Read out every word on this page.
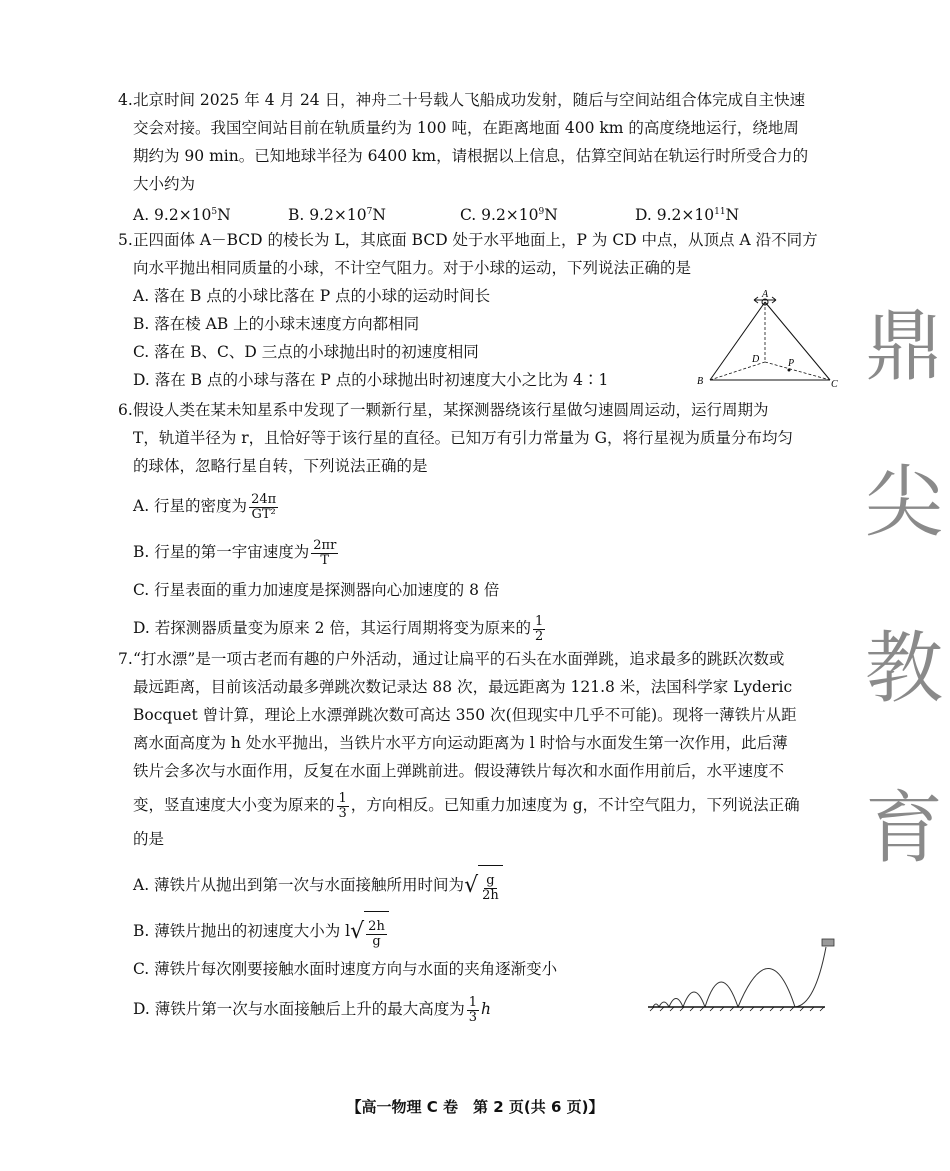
4.北京时间 2025 年 4 月 24 日，神舟二十号载人飞船成功发射，随后与空间站组合体完成自主快速

交会对接。我国空间站目前在轨质量约为 100 吨，在距离地面 400 km 的高度绕地运行，绕地周

期约为 90 min。已知地球半径为 6400 km，请根据以上信息，估算空间站在轨运行时所受合力的

大小约为

A. $9.2\times 10^5N$	B. $9.2\times 10^7N$	C. $9.2\times 10^9N$	D. $9.2\times 10^{11}N$

5.正四面体 A－BCD 的棱长为 L，其底面 BCD 处于水平地面上，P 为 CD 中点，从顶点 A 沿不同方

向水平抛出相同质量的小球，不计空气阻力。对于小球的运动，下列说法正确的是

A. 落在 B 点的小球比落在 P 点的小球的运动时间长

B. 落在棱 AB 上的小球末速度方向都相同

C. 落在 B、C、D 三点的小球抛出时的初速度相同

D. 落在 B 点的小球与落在 P 点的小球抛出时初速度大小之比为 4∶1

A
B	C
D	P

6.假设人类在某未知星系中发现了一颗新行星，某探测器绕该行星做匀速圆周运动，运行周期为

T，轨道半径为 r，且恰好等于该行星的直径。已知万有引力常量为 G，将行星视为质量分布均匀

的球体，忽略行星自转，下列说法正确的是

A. 行星的密度为 $\frac{24\pi}{\text{GT²}}$

B. 行星的第一宇宙速度为 $\frac{2\pi r}{T}$

C. 行星表面的重力加速度是探测器向心加速度的 8 倍

D. 若探测器质量变为原来 2 倍，其运行周期将变为原来的 $\frac{1}{2}$

7.“打水漂”是一项古老而有趣的户外活动，通过让扁平的石头在水面弹跳，追求最多的跳跃次数或

最远距离，目前该活动最多弹跳次数记录达 88 次，最远距离为 121.8 米，法国科学家 Lyderic

Bocquet 曾计算，理论上水漂弹跳次数可高达 350 次(但现实中几乎不可能)。现将一薄铁片从距

离水面高度为 h 处水平抛出，当铁片水平方向运动距离为 l 时恰与水面发生第一次作用，此后薄

铁片会多次与水面作用，反复在水面上弹跳前进。假设薄铁片每次和水面作用前后，水平速度不

变，竖直速度大小变为原来的 $\frac{1}{3}$ ，方向相反。已知重力加速度为 g，不计空气阻力，下列说法正确

的是

A. 薄铁片从抛出到第一次与水面接触所用时间为 √ $\frac{g}{2h}$

B. 薄铁片抛出的初速度大小为 l √ $\frac{2h}{g}$

C. 薄铁片每次刚要接触水面时速度方向与水面的夹角逐渐变小

D. 薄铁片第一次与水面接触后上升的最大高度为 $\frac{1}{3}$ h

鼎
尖
教
育
【高一物理 C 卷　第 2 页(共 6 页)】
